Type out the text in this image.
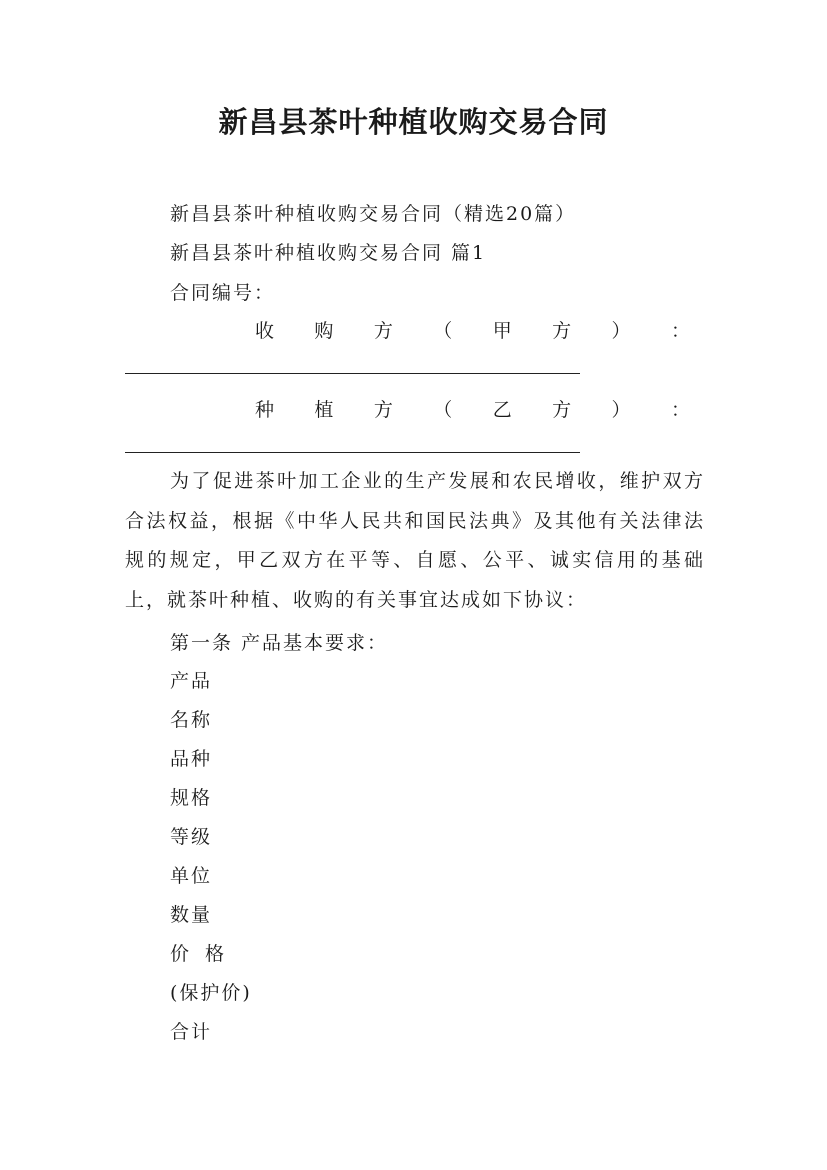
新昌县茶叶种植收购交易合同
新昌县茶叶种植收购交易合同（精选20篇）
新昌县茶叶种植收购交易合同 篇1
合同编号：
收 购 方 （ 甲 方 ） ：
种 植 方 （ 乙 方 ） ：

为了促进茶叶加工企业的生产发展和农民增收，维护双方合法权益，根据《中华人民共和国民法典》及其他有关法律法规的规定，甲乙双方在平等、自愿、公平、诚实信用的基础上，就茶叶种植、收购的有关事宜达成如下协议：

第一条 产品基本要求：
产品
名称
品种
规格
等级
单位
数量
价 格
(保护价)
合计
